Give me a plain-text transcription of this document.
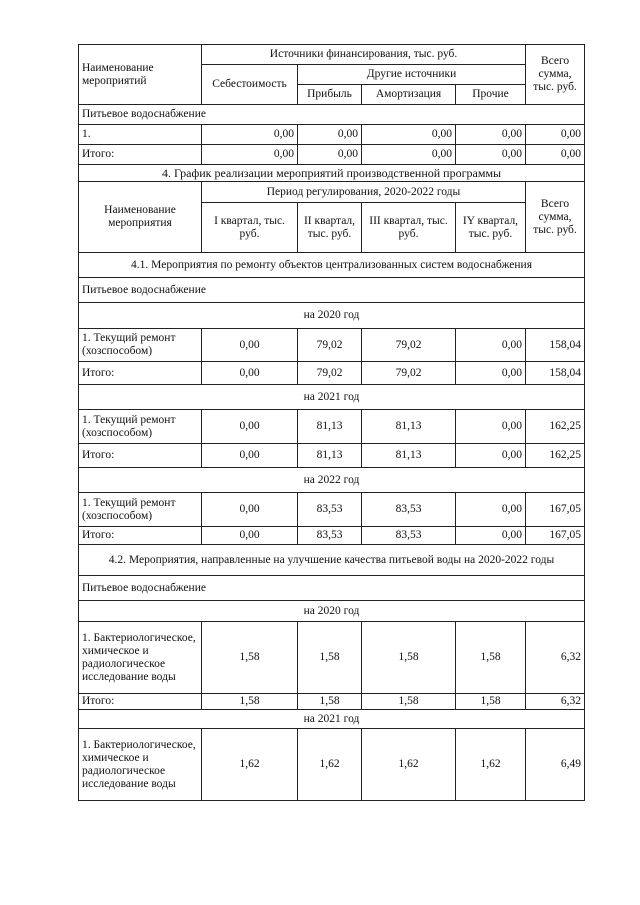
Наименование мероприятий	Источники финансирования, тыс. руб.				Всего сумма, тыс. руб.
	Себестоимость	Другие источники			
		Прибыль	Амортизация	Прочие	
Питьевое водоснабжение					
1.	0,00	0,00	0,00	0,00	0,00
Итого:	0,00	0,00	0,00	0,00	0,00
4. График реализации мероприятий производственной программы					
Наименование мероприятия	Период регулирования, 2020-2022 годы				Всего сумма, тыс. руб.
	I квартал, тыс. руб.	II квартал, тыс. руб.	III квартал, тыс. руб.	IY квартал, тыс. руб.	
4.1. Мероприятия по ремонту объектов централизованных систем водоснабжения					
Питьевое водоснабжение					
на 2020 год					
1. Текущий ремонт (хозспособом)	0,00	79,02	79,02	0,00	158,04
Итого:	0,00	79,02	79,02	0,00	158,04
на 2021 год					
1. Текущий ремонт (хозспособом)	0,00	81,13	81,13	0,00	162,25
Итого:	0,00	81,13	81,13	0,00	162,25
на 2022 год					
1. Текущий ремонт (хозспособом)	0,00	83,53	83,53	0,00	167,05
Итого:	0,00	83,53	83,53	0,00	167,05
4.2. Мероприятия, направленные на улучшение качества питьевой воды на 2020-2022 годы					
Питьевое водоснабжение					
на 2020 год					
1. Бактериологическое, химическое и радиологическое исследование воды	1,58	1,58	1,58	1,58	6,32
Итого:	1,58	1,58	1,58	1,58	6,32
на 2021 год					
1. Бактериологическое, химическое и радиологическое исследование воды	1,62	1,62	1,62	1,62	6,49
